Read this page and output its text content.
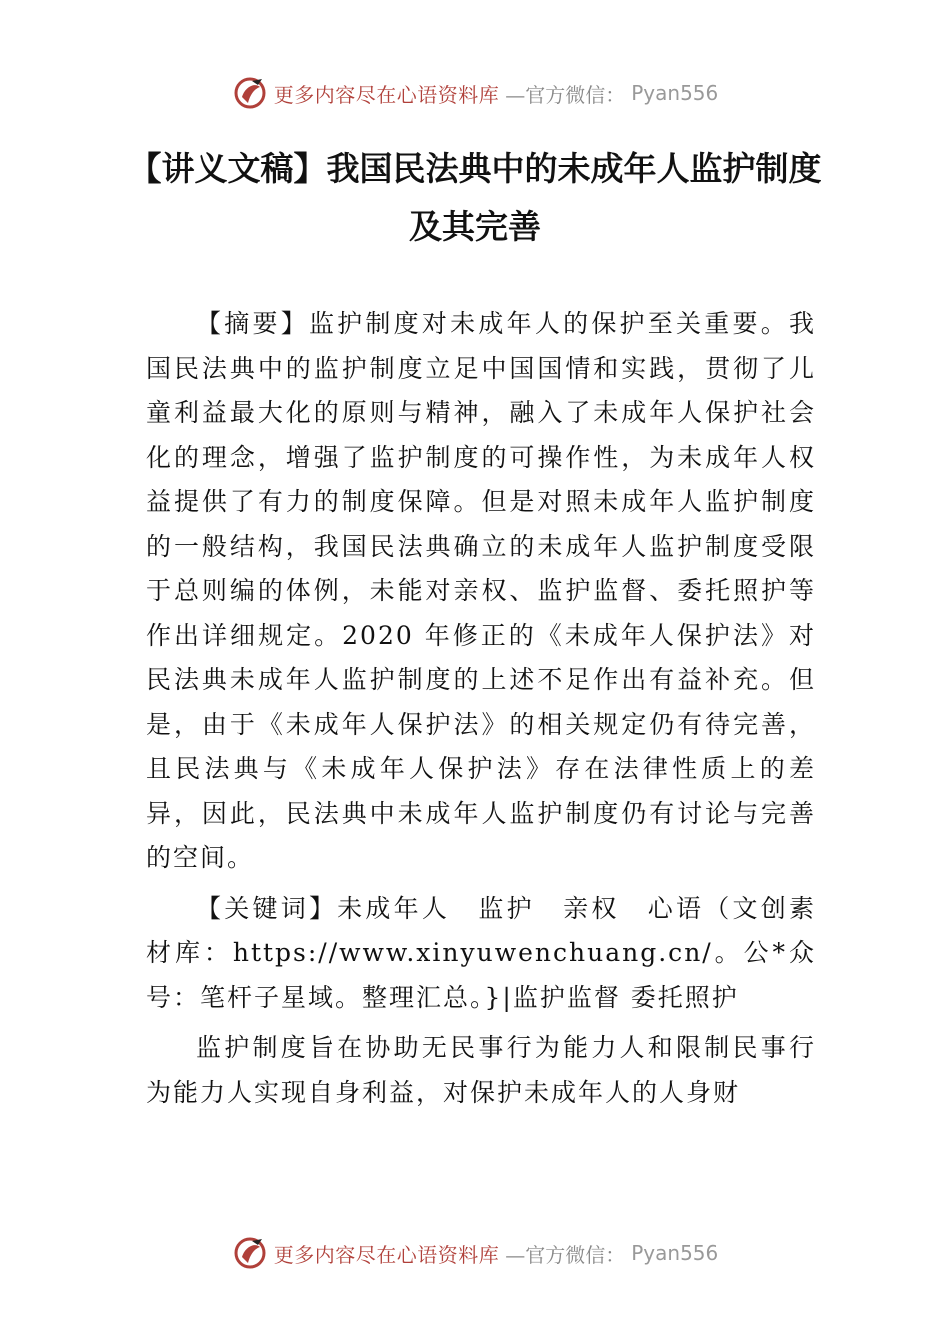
更多内容尽在心语资料库 —官方微信： Pyan556
【讲义文稿】我国民法典中的未成年人监护制度及其完善

【摘要】监护制度对未成年人的保护至关重要。我国民法典中的监护制度立足中国国情和实践，贯彻了儿童利益最大化的原则与精神，融入了未成年人保护社会化的理念，增强了监护制度的可操作性，为未成年人权益提供了有力的制度保障。但是对照未成年人监护制度的一般结构，我国民法典确立的未成年人监护制度受限于总则编的体例，未能对亲权、监护监督、委托照护等作出详细规定。2020 年修正的《未成年人保护法》对民法典未成年人监护制度的上述不足作出有益补充。但是，由于《未成年人保护法》的相关规定仍有待完善，且民法典与《未成年人保护法》存在法律性质上的差异，因此，民法典中未成年人监护制度仍有讨论与完善的空间。

【关键词】未成年人　监护　亲权　心语（文创素材库：https://www.xinyuwenchuang.cn/。公*众号：笔杆子星域。整理汇总。}|监护监督 委托照护

监护制度旨在协助无民事行为能力人和限制民事行为能力人实现自身利益，对保护未成年人的人身财

更多内容尽在心语资料库 —官方微信： Pyan556
